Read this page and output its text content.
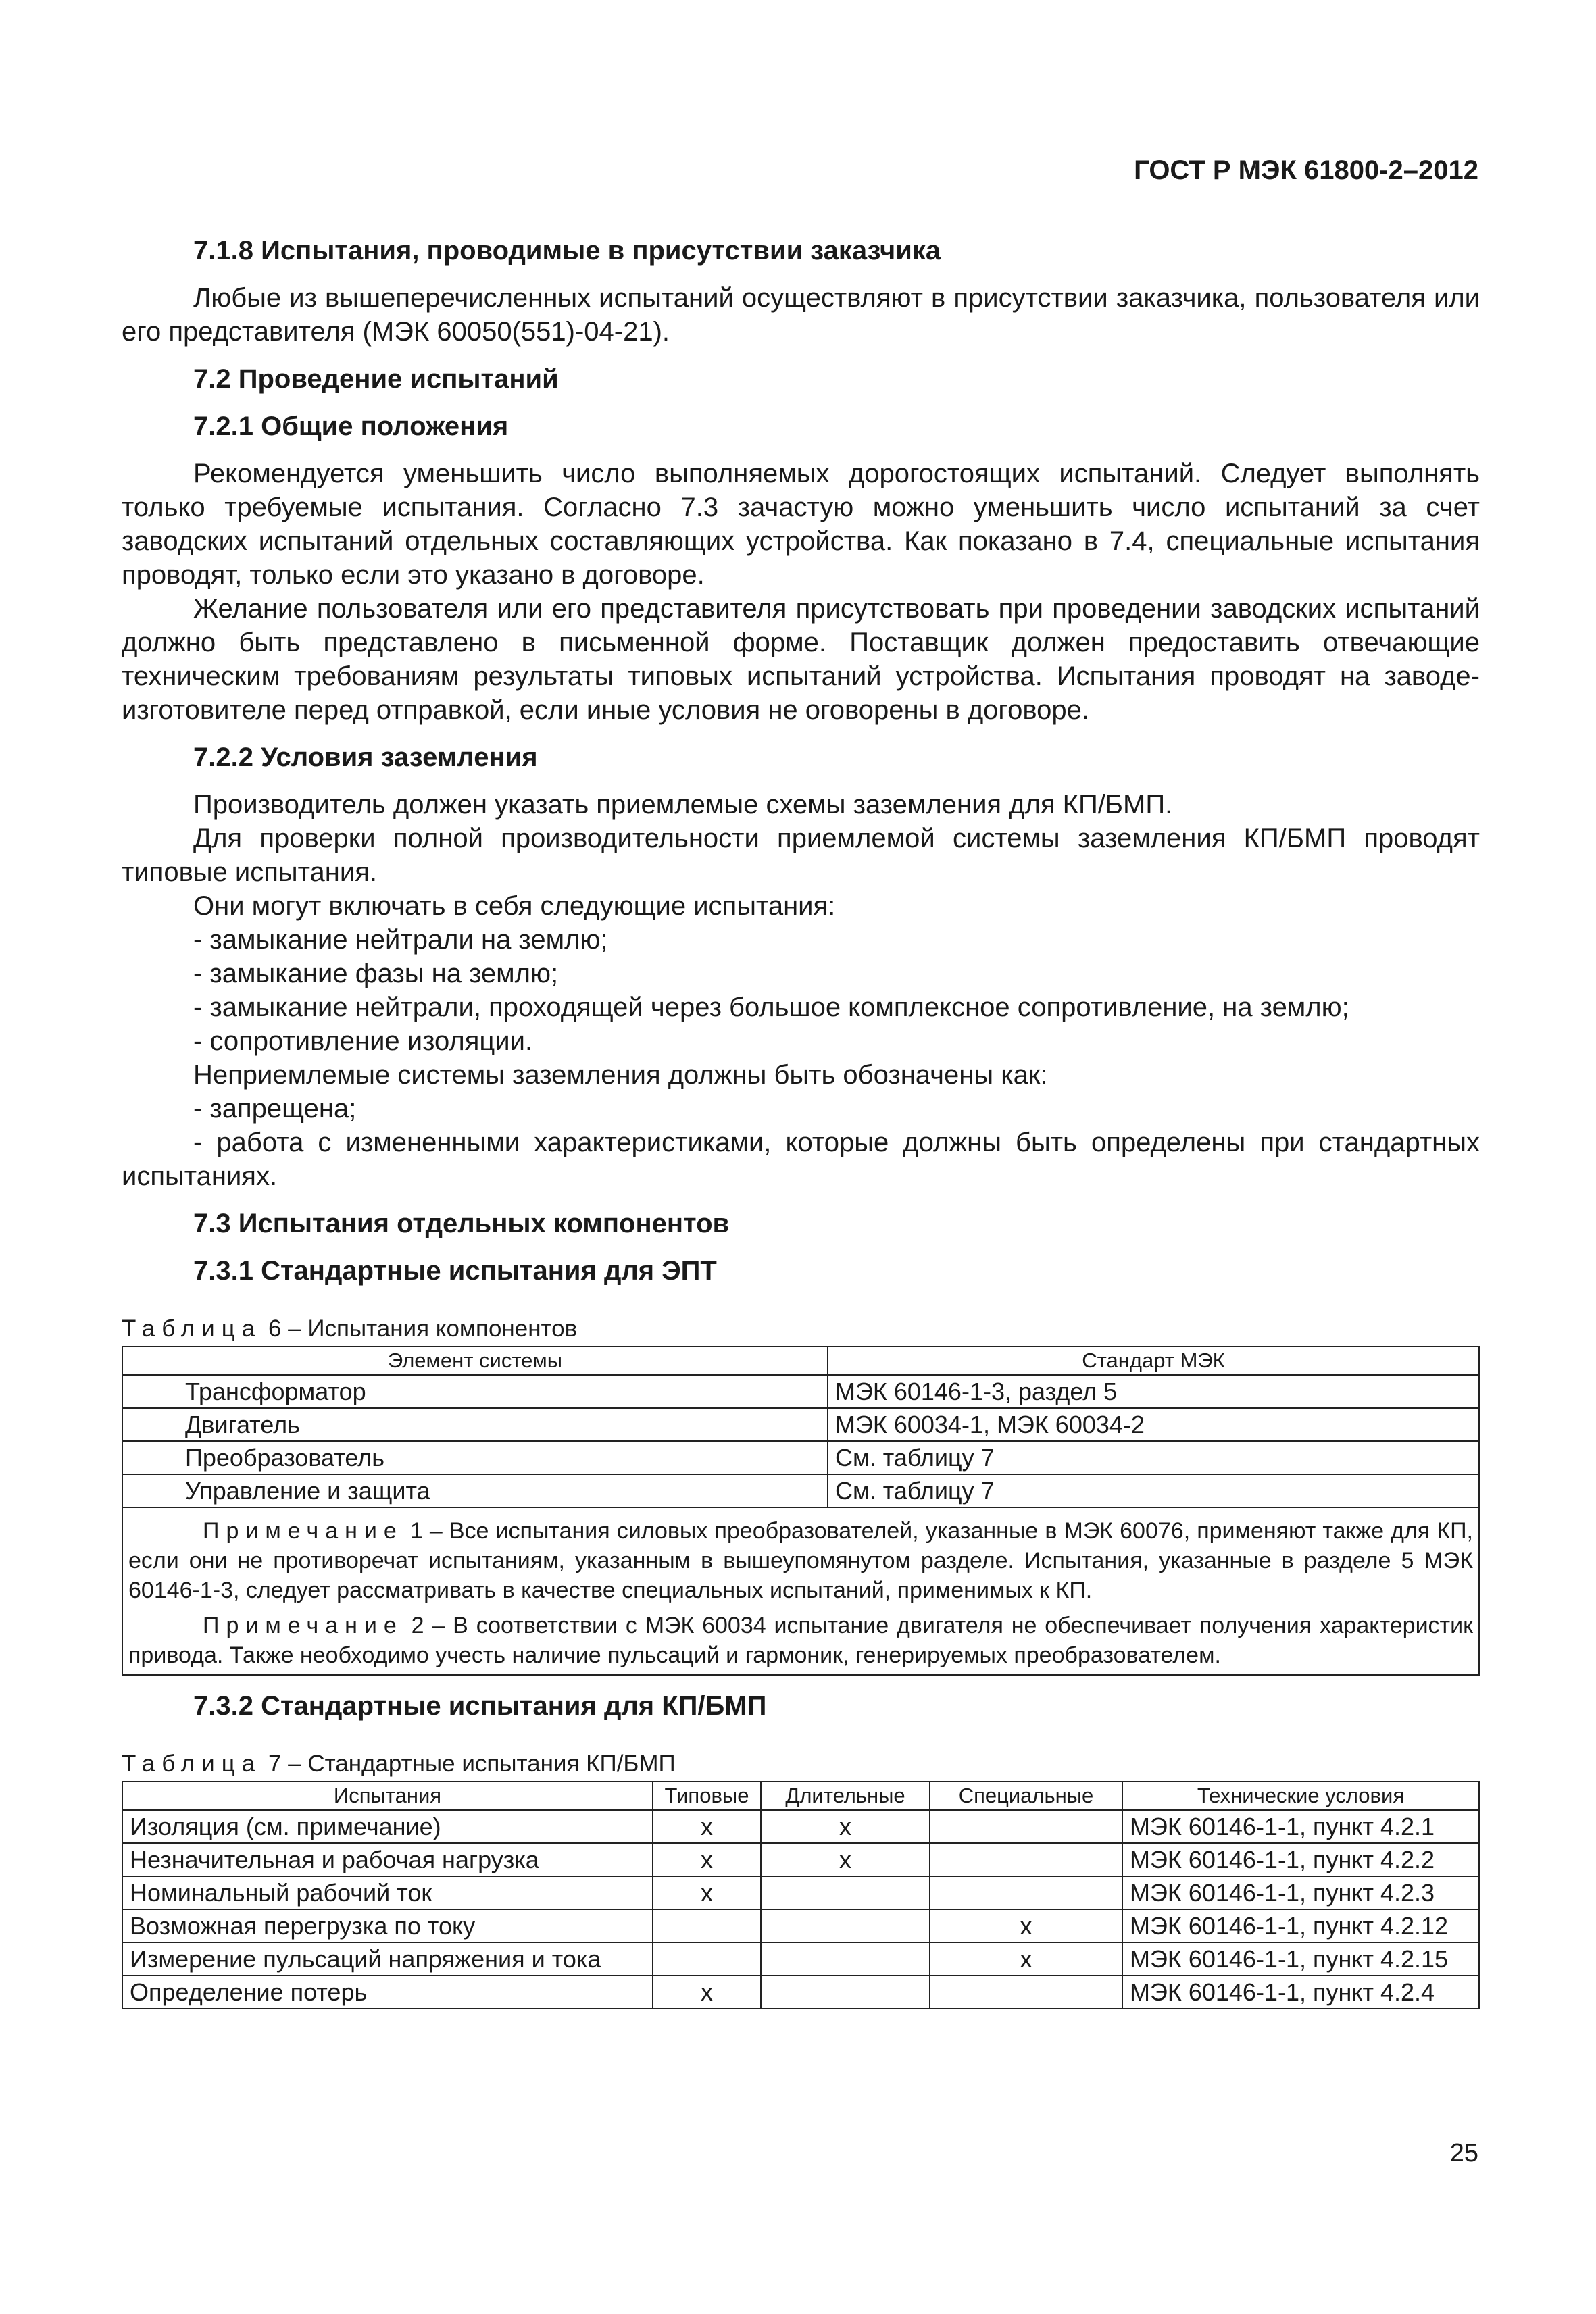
ГОСТ Р МЭК 61800-2–2012
7.1.8 Испытания, проводимые в присутствии заказчика

Любые из вышеперечисленных испытаний осуществляют в присутствии заказчика, пользователя или его представителя (МЭК 60050(551)-04-21).

7.2 Проведение испытаний
7.2.1 Общие положения

Рекомендуется уменьшить число выполняемых дорогостоящих испытаний. Следует выполнять только требуемые испытания. Согласно 7.3 зачастую можно уменьшить число испытаний за счет заводских испытаний отдельных составляющих устройства. Как показано в 7.4, специальные испытания проводят, только если это указано в договоре.

Желание пользователя или его представителя присутствовать при проведении заводских испытаний должно быть представлено в письменной форме. Поставщик должен предоставить отвечающие техническим требованиям результаты типовых испытаний устройства. Испытания проводят на заводе-изготовителе перед отправкой, если иные условия не оговорены в договоре.

7.2.2 Условия заземления

Производитель должен указать приемлемые схемы заземления для КП/БМП.

Для проверки полной производительности приемлемой системы заземления КП/БМП проводят типовые испытания.

Они могут включать в себя следующие испытания:

- замыкание нейтрали на землю;

- замыкание фазы на землю;

- замыкание нейтрали, проходящей через большое комплексное сопротивление, на землю;

- сопротивление изоляции.

Неприемлемые системы заземления должны быть обозначены как:

- запрещена;

- работа с измененными характеристиками, которые должны быть определены при стандартных испытаниях.

7.3 Испытания отдельных компонентов
7.3.1 Стандартные испытания для ЭПТ
Таблица 6 – Испытания компонентов
Элемент системы	Стандарт МЭК
Трансформатор	МЭК 60146-1-3, раздел 5
Двигатель	МЭК 60034-1, МЭК 60034-2
Преобразователь	См. таблицу 7
Управление и защита	См. таблицу 7

Примечание 1 – Все испытания силовых преобразователей, указанные в МЭК 60076, применяют также для КП, если они не противоречат испытаниям, указанным в вышеупомянутом разделе. Испытания, указанные в разделе 5 МЭК 60146-1-3, следует рассматривать в качестве специальных испытаний, применимых к КП.

Примечание 2 – В соответствии с МЭК 60034 испытание двигателя не обеспечивает получения характеристик привода. Также необходимо учесть наличие пульсаций и гармоник, генерируемых преобразователем.	

7.3.2 Стандартные испытания для КП/БМП
Таблица 7 – Стандартные испытания КП/БМП
Испытания	Типовые	Длительные	Специальные	Технические условия
Изоляция (см. примечание)	x	x		МЭК 60146-1-1, пункт 4.2.1
Незначительная и рабочая нагрузка	x	x		МЭК 60146-1-1, пункт 4.2.2
Номинальный рабочий ток	x			МЭК 60146-1-1, пункт 4.2.3
Возможная перегрузка по току			x	МЭК 60146-1-1, пункт 4.2.12
Измерение пульсаций напряжения и тока			x	МЭК 60146-1-1, пункт 4.2.15
Определение потерь	x			МЭК 60146-1-1, пункт 4.2.4
25
